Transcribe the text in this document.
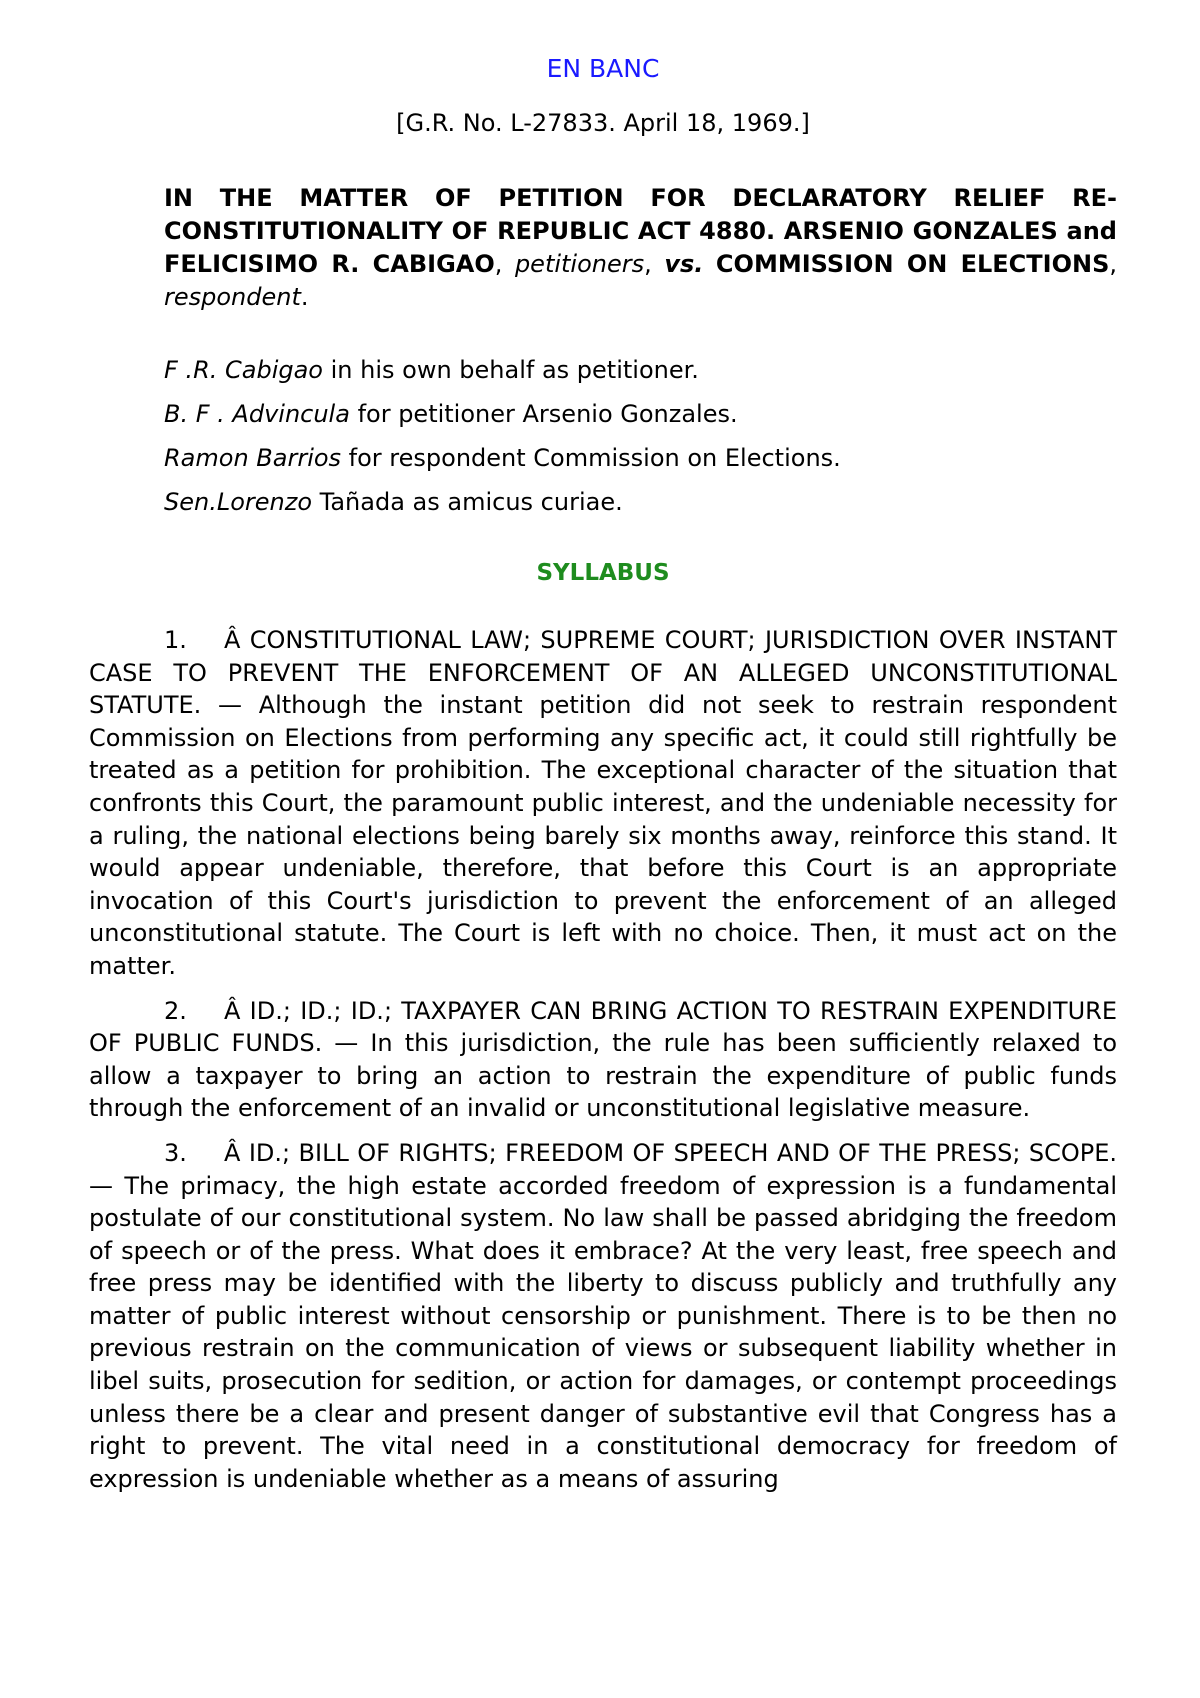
EN BANC
[G.R. No. L-27833. April 18, 1969.]
IN THE MATTER OF PETITION FOR DECLARATORY RELIEF RE-CONSTITUTIONALITY OF REPUBLIC ACT 4880. ARSENIO GONZALES and FELICISIMO R. CABIGAO, petitioners, vs. COMMISSION ON ELECTIONS, respondent.

F .R. Cabigao in his own behalf as petitioner.

B. F . Advincula for petitioner Arsenio Gonzales.

Ramon Barrios for respondent Commission on Elections.

Sen.Lorenzo Tañada as amicus curiae.

SYLLABUS

1. Â CONSTITUTIONAL LAW; SUPREME COURT; JURISDICTION OVER INSTANT CASE TO PREVENT THE ENFORCEMENT OF AN ALLEGED UNCONSTITUTIONAL STATUTE. — Although the instant petition did not seek to restrain respondent Commission on Elections from performing any specific act, it could still rightfully be treated as a petition for prohibition. The exceptional character of the situation that confronts this Court, the paramount public interest, and the undeniable necessity for a ruling, the national elections being barely six months away, reinforce this stand. It would appear undeniable, therefore, that before this Court is an appropriate invocation of this Court's jurisdiction to prevent the enforcement of an alleged unconstitutional statute. The Court is left with no choice. Then, it must act on the matter.

2. Â ID.; ID.; ID.; TAXPAYER CAN BRING ACTION TO RESTRAIN EXPENDITURE OF PUBLIC FUNDS. — In this jurisdiction, the rule has been sufficiently relaxed to allow a taxpayer to bring an action to restrain the expenditure of public funds through the enforcement of an invalid or unconstitutional legislative measure.

3. Â ID.; BILL OF RIGHTS; FREEDOM OF SPEECH AND OF THE PRESS; SCOPE. — The primacy, the high estate accorded freedom of expression is a fundamental postulate of our constitutional system. No law shall be passed abridging the freedom of speech or of the press. What does it embrace? At the very least, free speech and free press may be identified with the liberty to discuss publicly and truthfully any matter of public interest without censorship or punishment. There is to be then no previous restrain on the communication of views or subsequent liability whether in libel suits, prosecution for sedition, or action for damages, or contempt proceedings unless there be a clear and present danger of substantive evil that Congress has a right to prevent. The vital need in a constitutional democracy for freedom of expression is undeniable whether as a means of assuring
